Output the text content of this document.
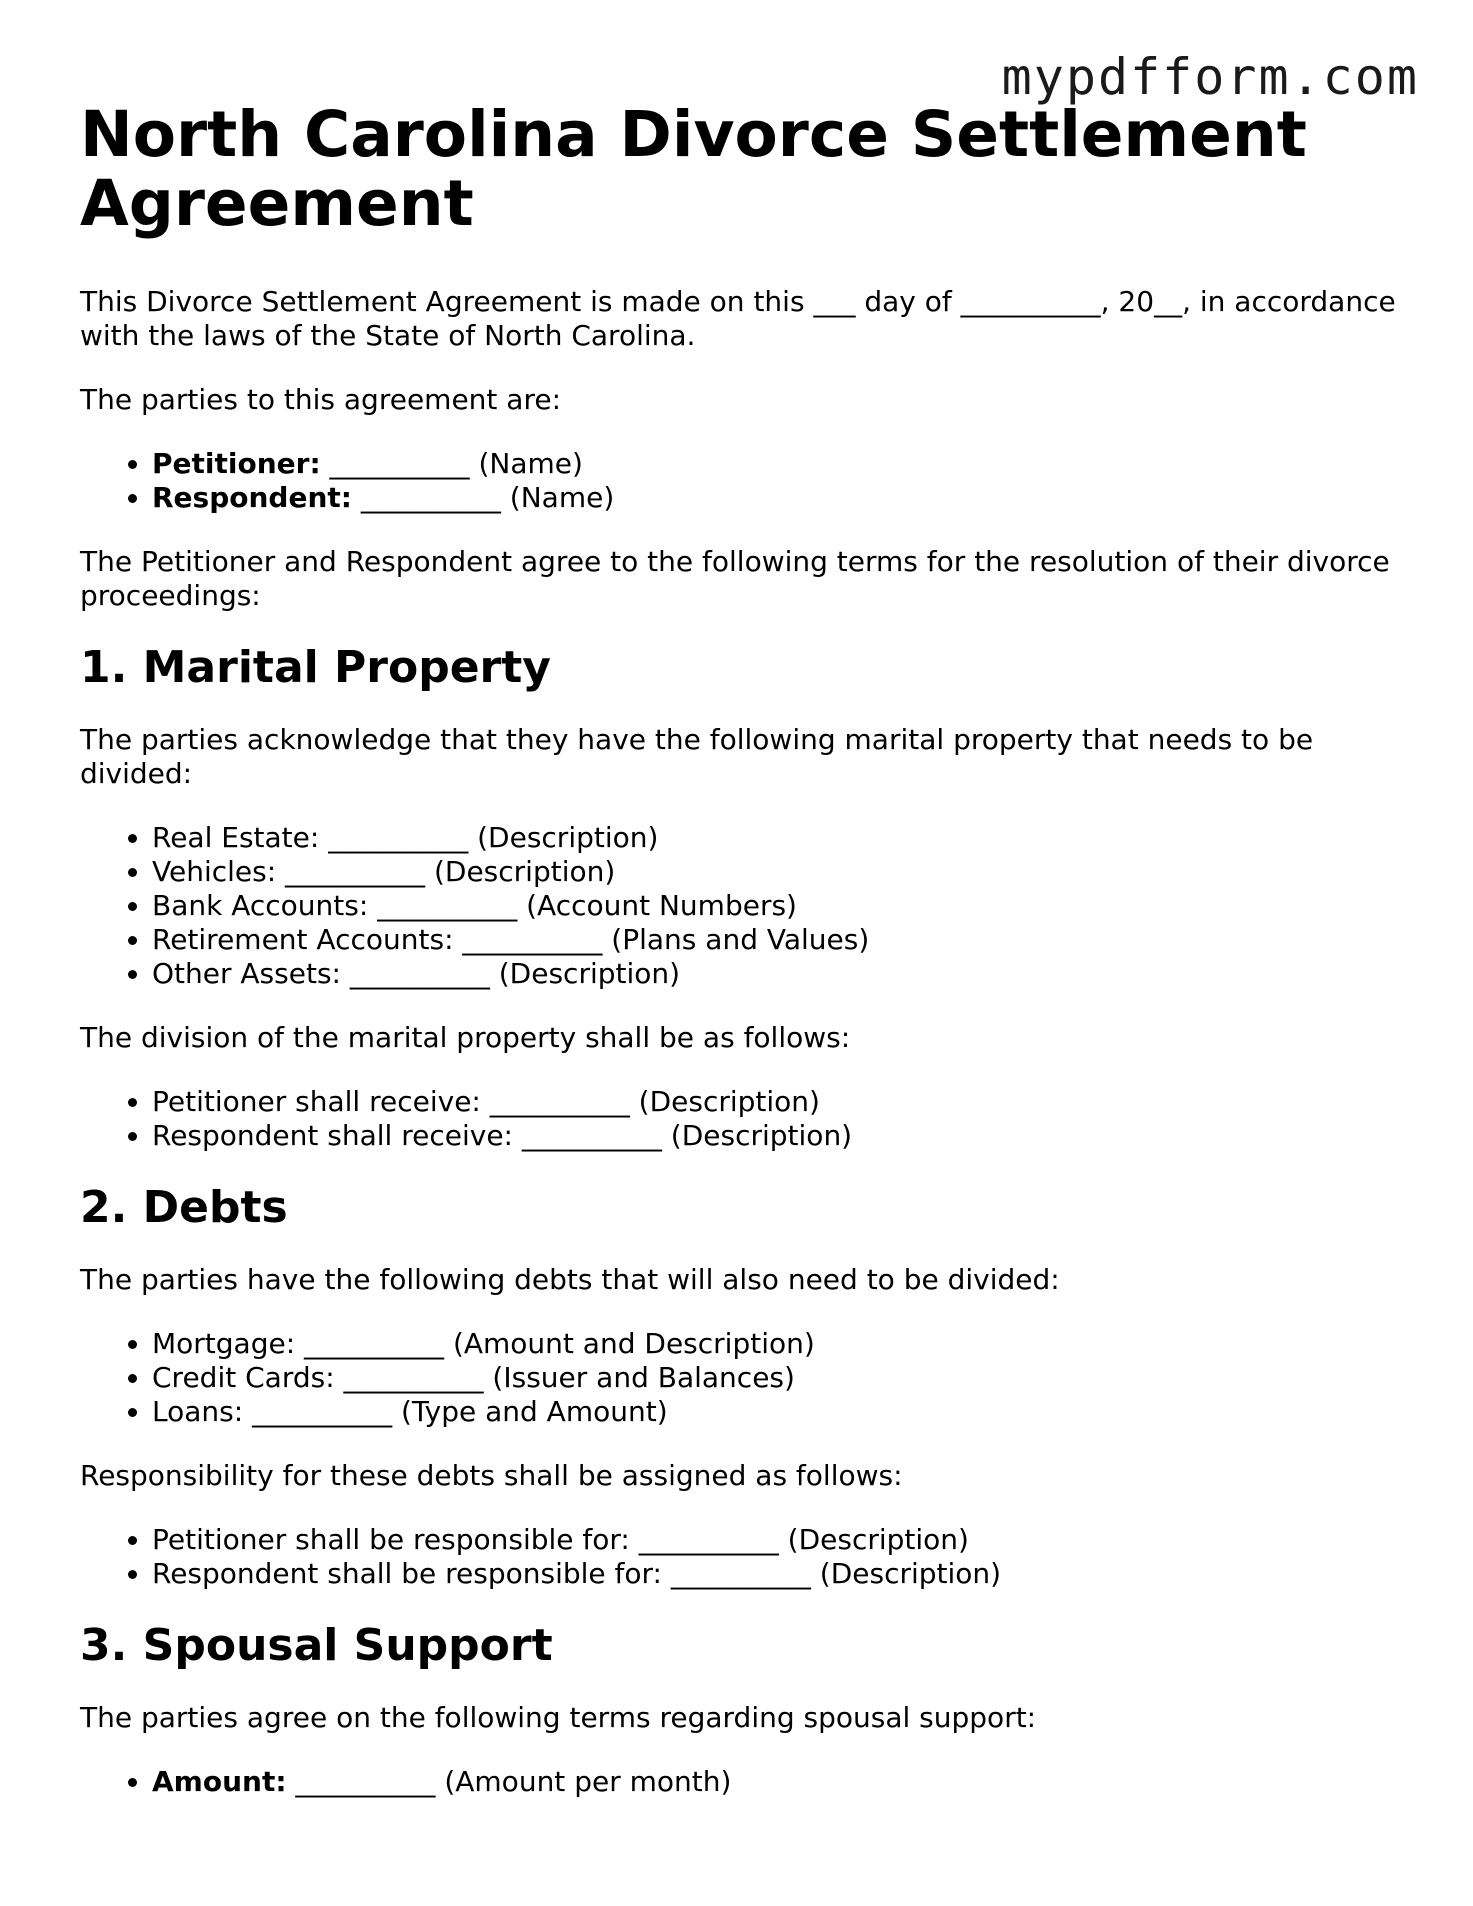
mypdfform.com
North Carolina Divorce Settlement Agreement

This Divorce Settlement Agreement is made on this ___ day of __________, 20__, in accordance with the laws of the State of North Carolina.

The parties to this agreement are:

• Petitioner: __________ (Name)
• Respondent: __________ (Name)

The Petitioner and Respondent agree to the following terms for the resolution of their divorce proceedings:

1. Marital Property

The parties acknowledge that they have the following marital property that needs to be divided:

• Real Estate: __________ (Description)
• Vehicles: __________ (Description)
• Bank Accounts: __________ (Account Numbers)
• Retirement Accounts: __________ (Plans and Values)
• Other Assets: __________ (Description)

The division of the marital property shall be as follows:

• Petitioner shall receive: __________ (Description)
• Respondent shall receive: __________ (Description)
2. Debts

The parties have the following debts that will also need to be divided:

• Mortgage: __________ (Amount and Description)
• Credit Cards: __________ (Issuer and Balances)
• Loans: __________ (Type and Amount)

Responsibility for these debts shall be assigned as follows:

• Petitioner shall be responsible for: __________ (Description)
• Respondent shall be responsible for: __________ (Description)
3. Spousal Support

The parties agree on the following terms regarding spousal support:

• Amount: __________ (Amount per month)
